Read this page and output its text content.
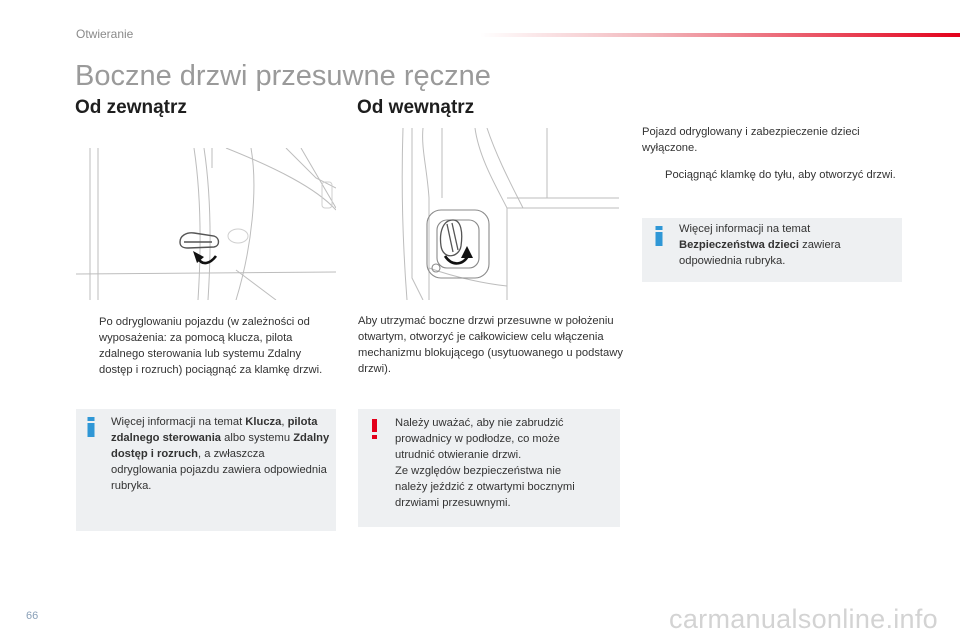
Otwieranie
Boczne drzwi przesuwne ręczne
Od zewnątrz	Od wewnątrz
Po odryglowaniu pojazdu (w zależności od wyposażenia: za pomocą klucza, pilota zdalnego sterowania lub systemu Zdalny dostęp i rozruch) pociągnąć za klamkę drzwi.
Aby utrzymać boczne drzwi przesuwne w położeniu otwartym, otworzyć je całkowiciew celu włączenia mechanizmu blokującego (usytuowanego u podstawy drzwi).
Więcej informacji na temat Klucza, pilota zdalnego sterowania albo systemu Zdalny dostęp i rozruch, a zwłaszcza odryglowania pojazdu zawiera odpowiednia rubryka.
Należy uważać, aby nie zabrudzić
prowadnicy w podłodze, co może
utrudnić otwieranie drzwi.
Ze względów bezpieczeństwa nie
należy jeździć z otwartymi bocznymi
drzwiami przesuwnymi.
Pojazd odryglowany i zabezpieczenie dzieci wyłączone.
Pociągnąć klamkę do tyłu, aby otworzyć drzwi.
Więcej informacji na temat
Bezpieczeństwa dzieci zawiera odpowiednia rubryka.
66	carmanualsonline.info
